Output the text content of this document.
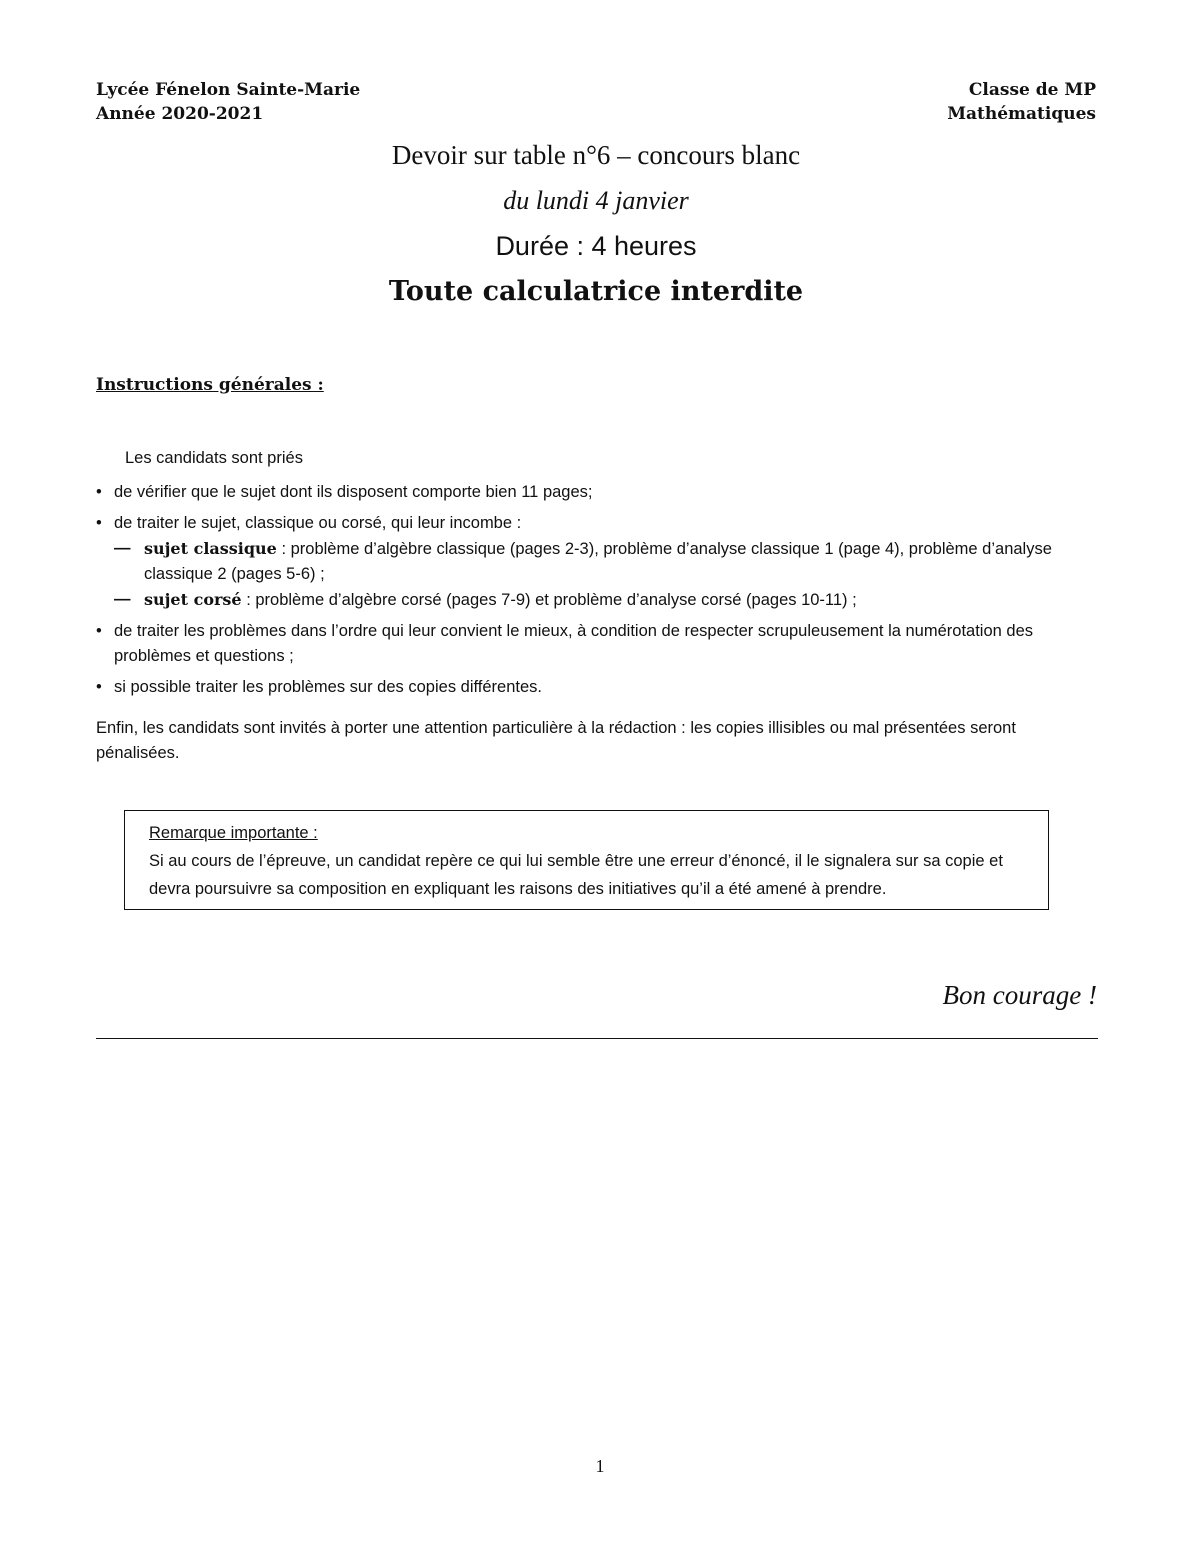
Lycée Fénelon Sainte-Marie
Année 2020-2021
Classe de MP
Mathématiques
Devoir sur table n°6 – concours blanc
du lundi 4 janvier
Durée : 4 heures
Toute calculatrice interdite
Instructions générales :
Les candidats sont priés
• de vérifier que le sujet dont ils disposent comporte bien 11 pages;
• de traiter le sujet, classique ou corsé, qui leur incombe :
— sujet classique : problème d’algèbre classique (pages 2-3), problème d’analyse classique 1 (page 4), problème d’analyse classique 2 (pages 5-6) ;
— sujet corsé : problème d’algèbre corsé (pages 7-9) et problème d’analyse corsé (pages 10-11) ;
• de traiter les problèmes dans l’ordre qui leur convient le mieux, à condition de respecter scrupuleusement la numérotation des problèmes et questions ;
• si possible traiter les problèmes sur des copies différentes.
Enfin, les candidats sont invités à porter une attention particulière à la rédaction : les copies illisibles ou mal présentées seront pénalisées.
Remarque importante :
Si au cours de l’épreuve, un candidat repère ce qui lui semble être une erreur d’énoncé, il le signalera sur sa copie et devra poursuivre sa composition en expliquant les raisons des initiatives qu’il a été amené à prendre.
Bon courage !
1
